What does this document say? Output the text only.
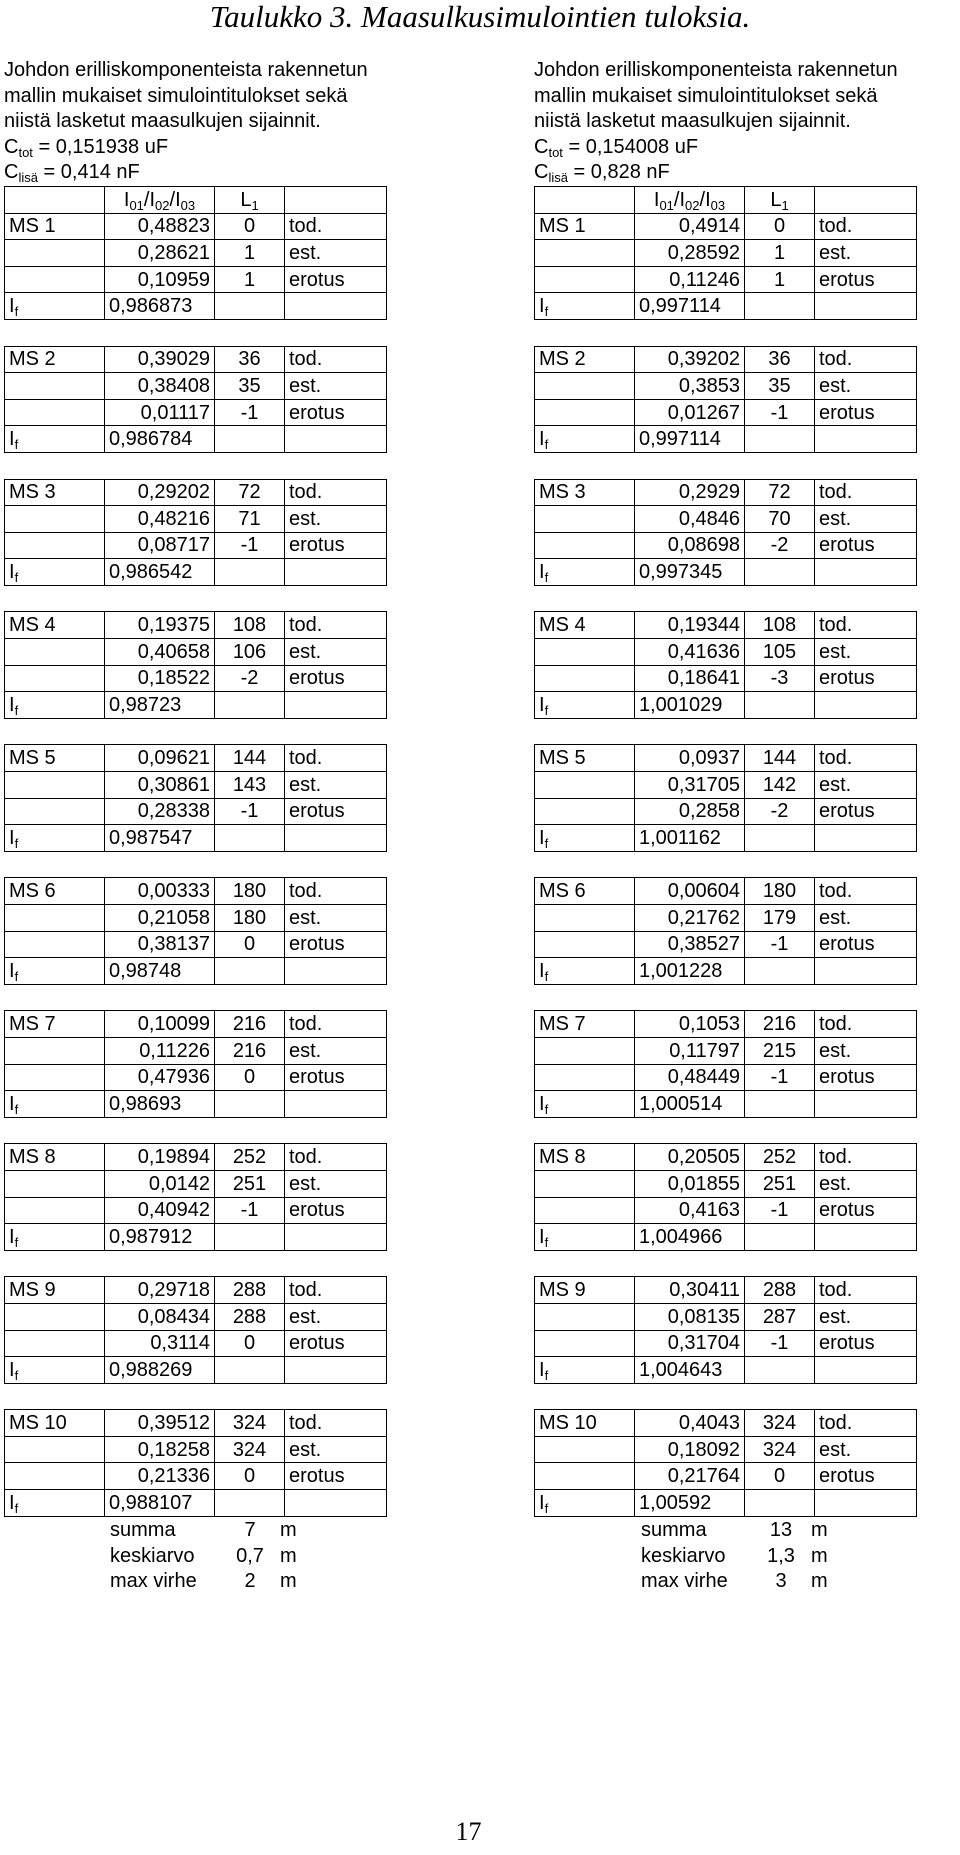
Taulukko 3. Maasulkusimulointien tuloksia.
Johdon erilliskomponenteista rakennetun
mallin mukaiset simulointitulokset sekä
niistä lasketut maasulkujen sijainnit.
$C_{tot} = 0,151938$ uF
$C_{lisä} = 0,414$ nF
	$I_{01}/I_{02}/I_{03}$	$L_1$	
MS 1	0,48823	0	tod.
	0,28621	1	est.
	0,10959	1	erotus
$I_f$	0,986873		

MS 2	0,39029	36	tod.
	0,38408	35	est.
	0,01117	-1	erotus
$I_f$	0,986784		

MS 3	0,29202	72	tod.
	0,48216	71	est.
	0,08717	-1	erotus
$I_f$	0,986542		

MS 4	0,19375	108	tod.
	0,40658	106	est.
	0,18522	-2	erotus
$I_f$	0,98723		

MS 5	0,09621	144	tod.
	0,30861	143	est.
	0,28338	-1	erotus
$I_f$	0,987547		

MS 6	0,00333	180	tod.
	0,21058	180	est.
	0,38137	0	erotus
$I_f$	0,98748		

MS 7	0,10099	216	tod.
	0,11226	216	est.
	0,47936	0	erotus
$I_f$	0,98693		

MS 8	0,19894	252	tod.
	0,0142	251	est.
	0,40942	-1	erotus
$I_f$	0,987912		

MS 9	0,29718	288	tod.
	0,08434	288	est.
	0,3114	0	erotus
$I_f$	0,988269		

MS 10	0,39512	324	tod.
	0,18258	324	est.
	0,21336	0	erotus
$I_f$	0,988107		
Johdon erilliskomponenteista rakennetun
mallin mukaiset simulointitulokset sekä
niistä lasketut maasulkujen sijainnit.
$C_{tot} = 0,154008$ uF
$C_{lisä} = 0,828$ nF
	$I_{01}/I_{02}/I_{03}$	$L_1$	
MS 1	0,4914	0	tod.
	0,28592	1	est.
	0,11246	1	erotus
$I_f$	0,997114		

MS 2	0,39202	36	tod.
	0,3853	35	est.
	0,01267	-1	erotus
$I_f$	0,997114		

MS 3	0,2929	72	tod.
	0,4846	70	est.
	0,08698	-2	erotus
$I_f$	0,997345		

MS 4	0,19344	108	tod.
	0,41636	105	est.
	0,18641	-3	erotus
$I_f$	1,001029		

MS 5	0,0937	144	tod.
	0,31705	142	est.
	0,2858	-2	erotus
$I_f$	1,001162		

MS 6	0,00604	180	tod.
	0,21762	179	est.
	0,38527	-1	erotus
$I_f$	1,001228		

MS 7	0,1053	216	tod.
	0,11797	215	est.
	0,48449	-1	erotus
$I_f$	1,000514		

MS 8	0,20505	252	tod.
	0,01855	251	est.
	0,4163	-1	erotus
$I_f$	1,004966		

MS 9	0,30411	288	tod.
	0,08135	287	est.
	0,31704	-1	erotus
$I_f$	1,004643		

MS 10	0,4043	324	tod.
	0,18092	324	est.
	0,21764	0	erotus
$I_f$	1,00592		
summa	7 m
keskiarvo 0,7 m
max virhe 2 m
summa	13 m
keskiarvo 1,3 m
max virhe 3 m
17
